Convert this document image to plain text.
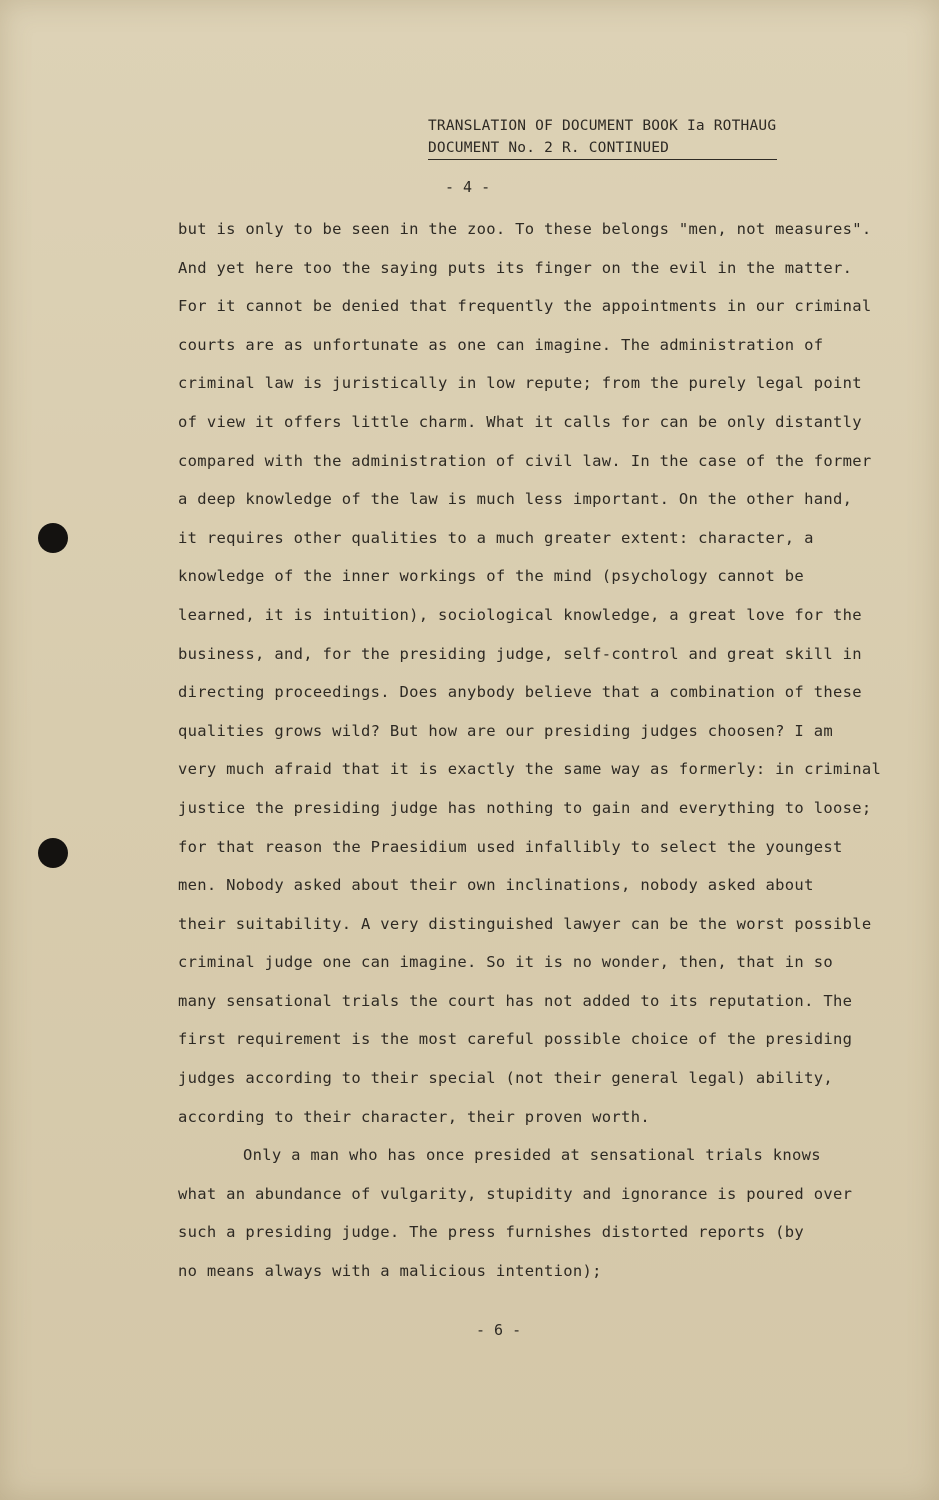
TRANSLATION OF DOCUMENT BOOK Ia ROTHAUG
DOCUMENT No. 2 R. CONTINUED
- 4 -
but is only to be seen in the zoo. To these belongs "men, not measures".
And yet here too the saying puts its finger on the evil in the matter.
For it cannot be denied that frequently the appointments in our criminal
courts are as unfortunate as one can imagine. The administration of
criminal law is juristically in low repute; from the purely legal point
of view it offers little charm. What it calls for can be only distantly
compared with the administration of civil law. In the case of the former
a deep knowledge of the law is much less important. On the other hand,
it requires other qualities to a much greater extent: character, a
knowledge of the inner workings of the mind (psychology cannot be
learned, it is intuition), sociological knowledge, a great love for the
business, and, for the presiding judge, self-control and great skill in
directing proceedings. Does anybody believe that a combination of these
qualities grows wild? But how are our presiding judges choosen? I am
very much afraid that it is exactly the same way as formerly: in criminal
justice the presiding judge has nothing to gain and everything to loose;
for that reason the Praesidium used infallibly to select the youngest
men. Nobody asked about their own inclinations, nobody asked about
their suitability. A very distinguished lawyer can be the worst possible
criminal judge one can imagine. So it is no wonder, then, that in so
many sensational trials the court has not added to its reputation. The
first requirement is the most careful possible choice of the presiding
judges according to their special (not their general legal) ability,
according to their character, their proven worth.
Only a man who has once presided at sensational trials knows
what an abundance of vulgarity, stupidity and ignorance is poured over
such a presiding judge. The press furnishes distorted reports (by
no means always with a malicious intention);
- 6 -
